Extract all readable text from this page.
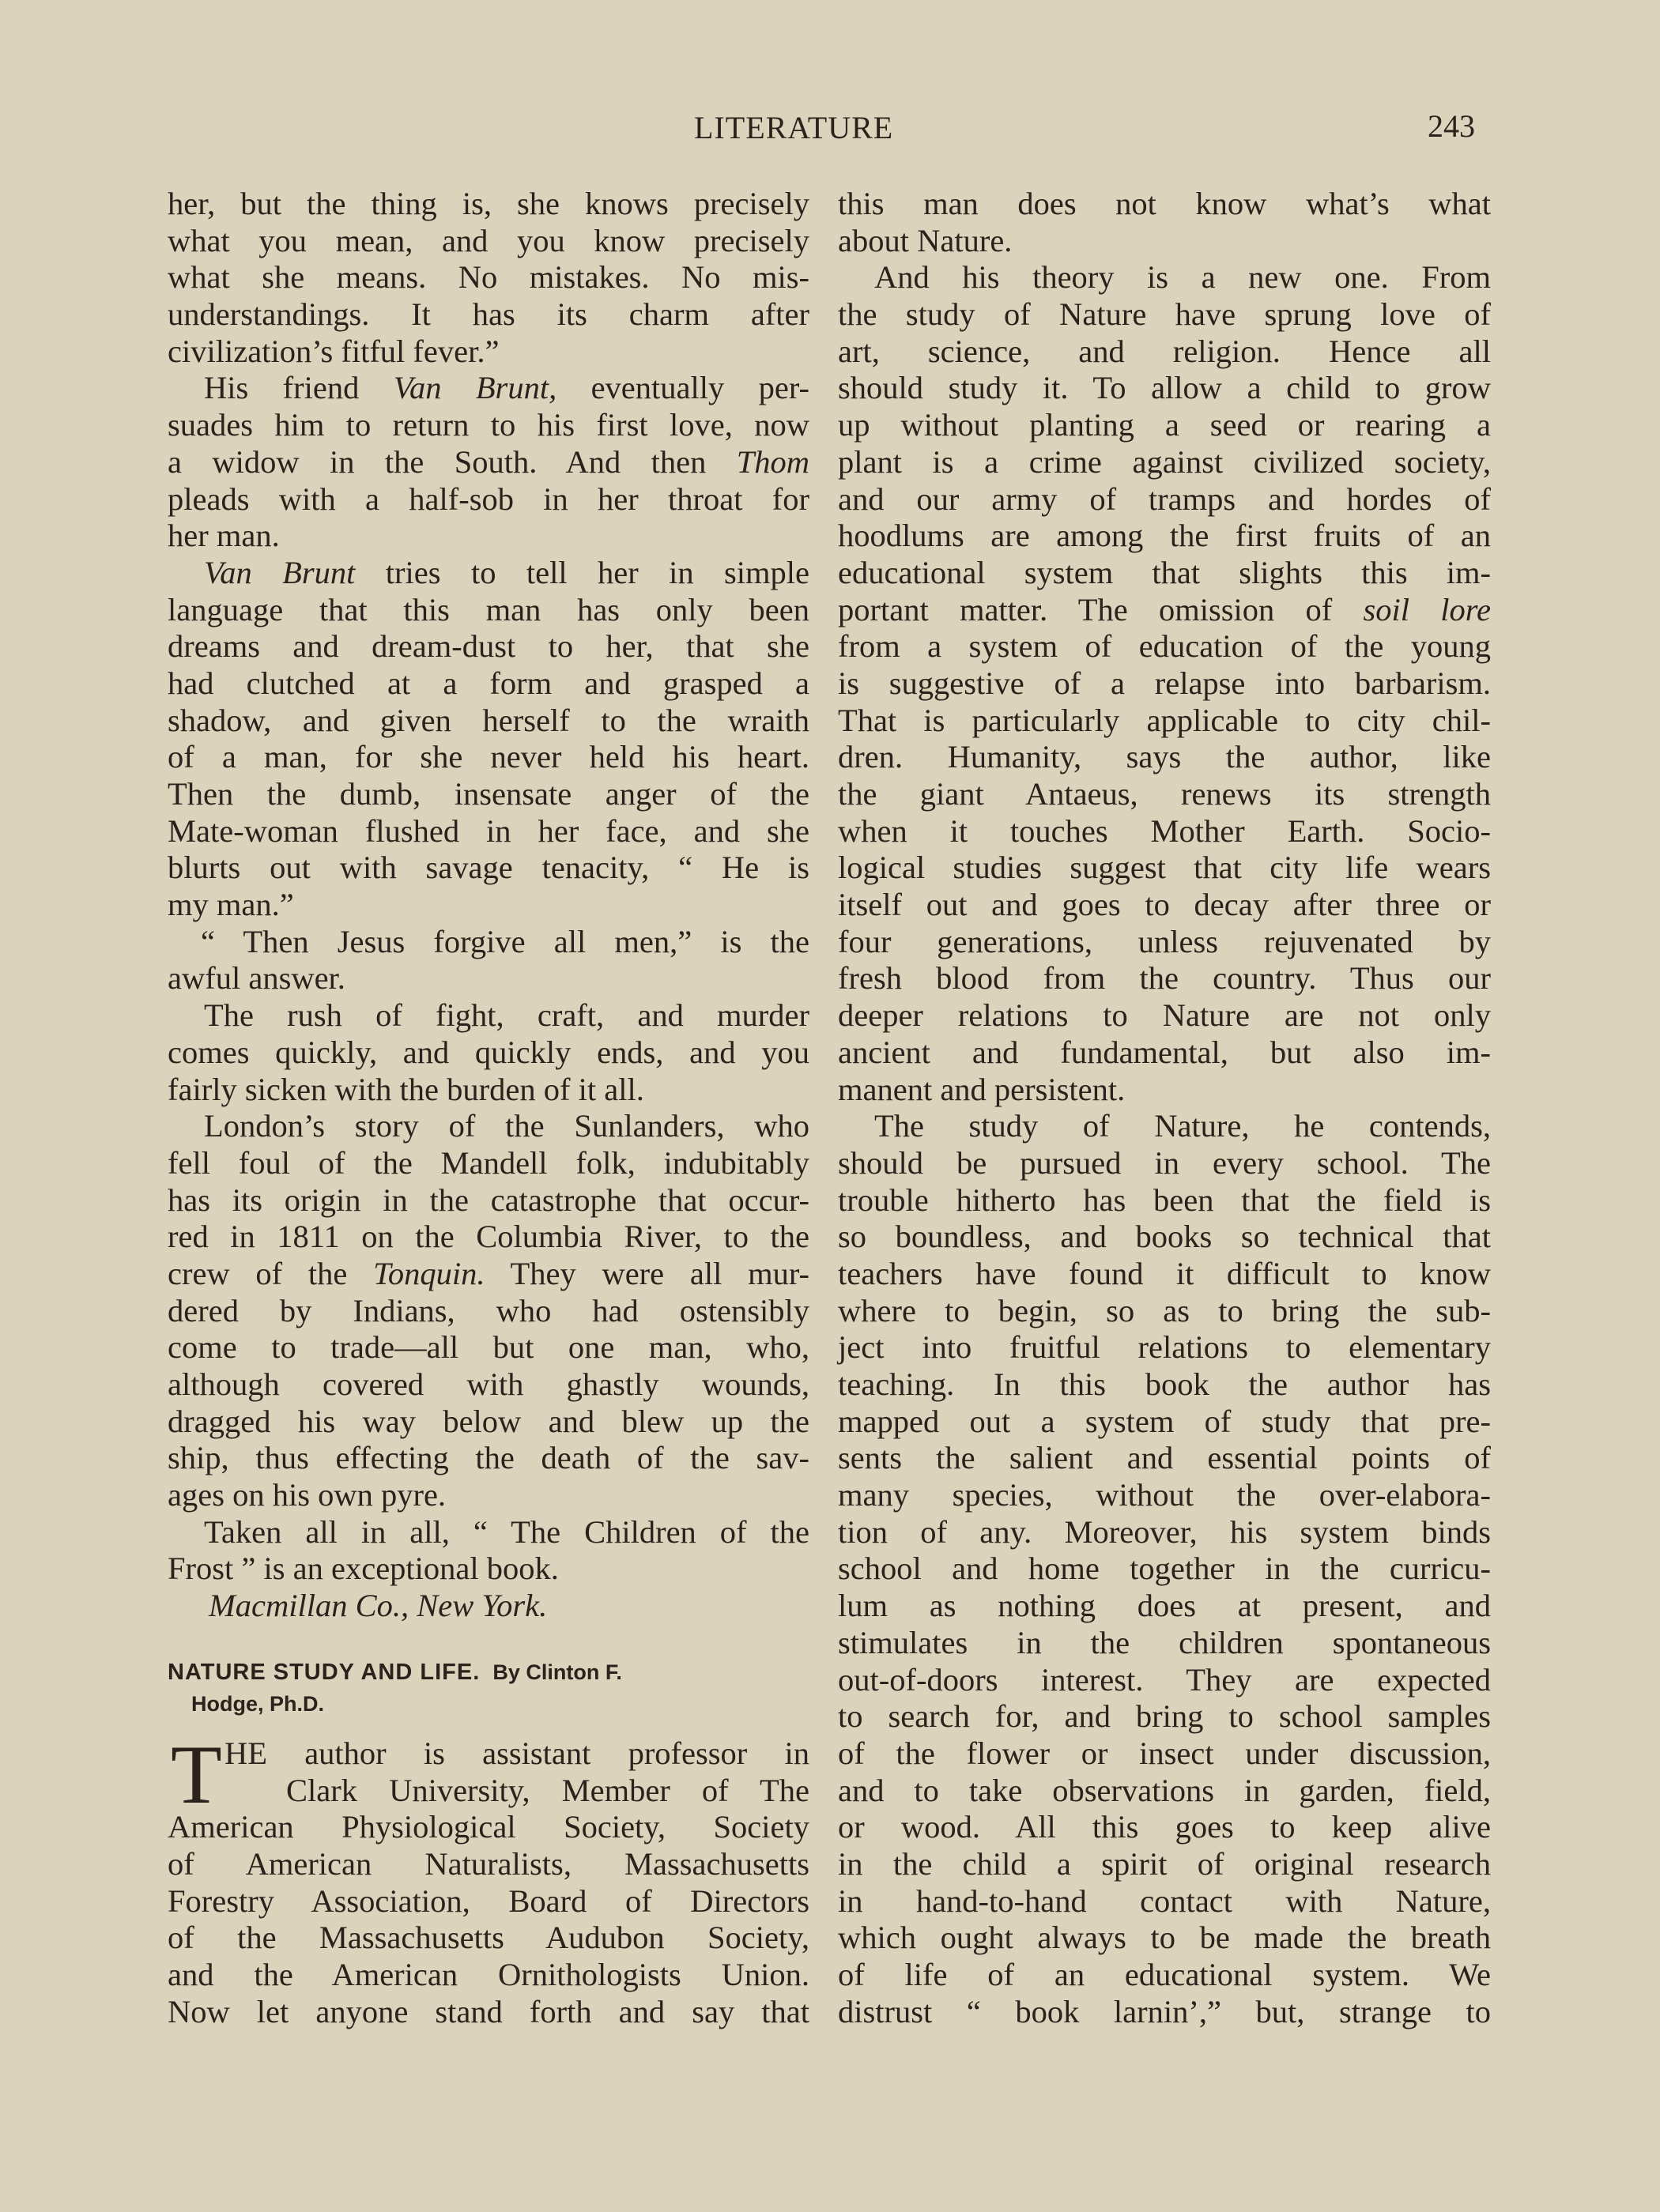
LITERATURE	243
her, but the thing is, she knows precisely
what you mean, and you know precisely
what she means. No mistakes. No mis-
understandings. It has its charm after
civilization’s fitful fever.”
His friend Van Brunt, eventually per-
suades him to return to his first love, now
a widow in the South. And then Thom
pleads with a half-sob in her throat for
her man.
Van Brunt tries to tell her in simple
language that this man has only been
dreams and dream-dust to her, that she
had clutched at a form and grasped a
shadow, and given herself to the wraith
of a man, for she never held his heart.
Then the dumb, insensate anger of the
Mate-woman flushed in her face, and she
blurts out with savage tenacity, “ He is
my man.”
“ Then Jesus forgive all men,” is the
awful answer.
The rush of fight, craft, and murder
comes quickly, and quickly ends, and you
fairly sicken with the burden of it all.
London’s story of the Sunlanders, who
fell foul of the Mandell folk, indubitably
has its origin in the catastrophe that occur-
red in 1811 on the Columbia River, to the
crew of the Tonquin. They were all mur-
dered by Indians, who had ostensibly
come to trade—all but one man, who,
although covered with ghastly wounds,
dragged his way below and blew up the
ship, thus effecting the death of the sav-
ages on his own pyre.
Taken all in all, “ The Children of the
Frost ” is an exceptional book.
Macmillan Co., New York.
NATURE STUDY AND LIFE. By Clinton F.
Hodge, Ph.D.
T HE author is assistant professor in
Clark University, Member of The
American Physiological Society, Society
of American Naturalists, Massachusetts
Forestry Association, Board of Directors
of the Massachusetts Audubon Society,
and the American Ornithologists Union.
Now let anyone stand forth and say that
this man does not know what’s what
about Nature.
And his theory is a new one. From
the study of Nature have sprung love of
art, science, and religion. Hence all
should study it. To allow a child to grow
up without planting a seed or rearing a
plant is a crime against civilized society,
and our army of tramps and hordes of
hoodlums are among the first fruits of an
educational system that slights this im-
portant matter. The omission of soil lore
from a system of education of the young
is suggestive of a relapse into barbarism.
That is particularly applicable to city chil-
dren. Humanity, says the author, like
the giant Antaeus, renews its strength
when it touches Mother Earth. Socio-
logical studies suggest that city life wears
itself out and goes to decay after three or
four generations, unless rejuvenated by
fresh blood from the country. Thus our
deeper relations to Nature are not only
ancient and fundamental, but also im-
manent and persistent.
The study of Nature, he contends,
should be pursued in every school. The
trouble hitherto has been that the field is
so boundless, and books so technical that
teachers have found it difficult to know
where to begin, so as to bring the sub-
ject into fruitful relations to elementary
teaching. In this book the author has
mapped out a system of study that pre-
sents the salient and essential points of
many species, without the over-elabora-
tion of any. Moreover, his system binds
school and home together in the curricu-
lum as nothing does at present, and
stimulates in the children spontaneous
out-of-doors interest. They are expected
to search for, and bring to school samples
of the flower or insect under discussion,
and to take observations in garden, field,
or wood. All this goes to keep alive
in the child a spirit of original research
in hand-to-hand contact with Nature,
which ought always to be made the breath
of life of an educational system. We
distrust “ book larnin’,” but, strange to
